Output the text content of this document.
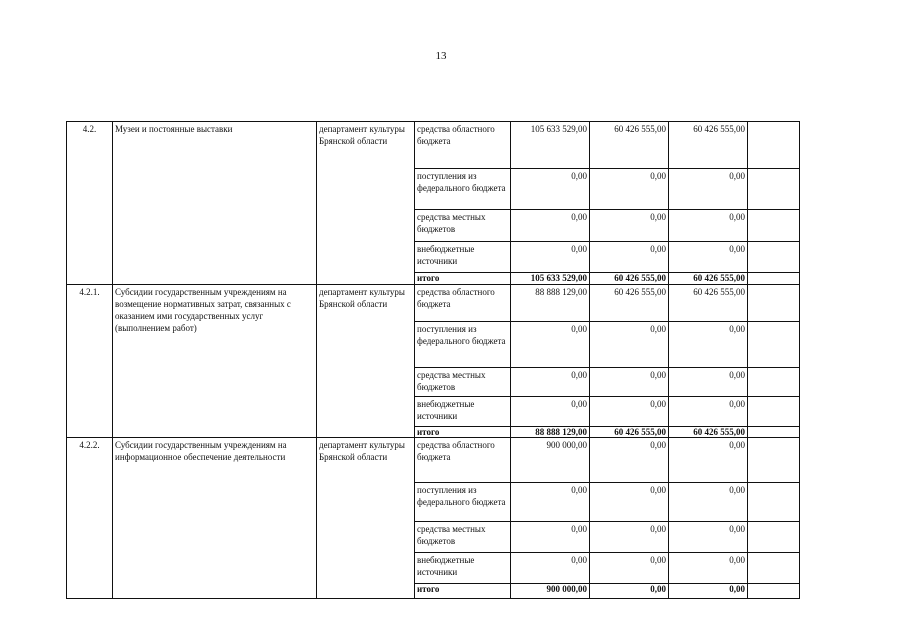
13
4.2.	Музеи и постоянные выставки	департамент культуры Брянской области	средства областного бюджета	105 633 529,00	60 426 555,00	60 426 555,00	
			поступления из федерального бюджета	0,00	0,00	0,00	
			средства местных бюджетов	0,00	0,00	0,00	
			внебюджетные источники	0,00	0,00	0,00	
			итого	105 633 529,00	60 426 555,00	60 426 555,00	
4.2.1.	Субсидии государственным учреждениям на возмещение нормативных затрат, связанных с оказанием ими государственных услуг (выполнением работ)	департамент культуры Брянской области	средства областного бюджета	88 888 129,00	60 426 555,00	60 426 555,00	
			поступления из федерального бюджета	0,00	0,00	0,00	
			средства местных бюджетов	0,00	0,00	0,00	
			внебюджетные источники	0,00	0,00	0,00	
			итого	88 888 129,00	60 426 555,00	60 426 555,00	
4.2.2.	Субсидии государственным учреждениям на информационное обеспечение деятельности	департамент культуры Брянской области	средства областного бюджета	900 000,00	0,00	0,00	
			поступления из федерального бюджета	0,00	0,00	0,00	
			средства местных бюджетов	0,00	0,00	0,00	
			внебюджетные источники	0,00	0,00	0,00	
			итого	900 000,00	0,00	0,00	
